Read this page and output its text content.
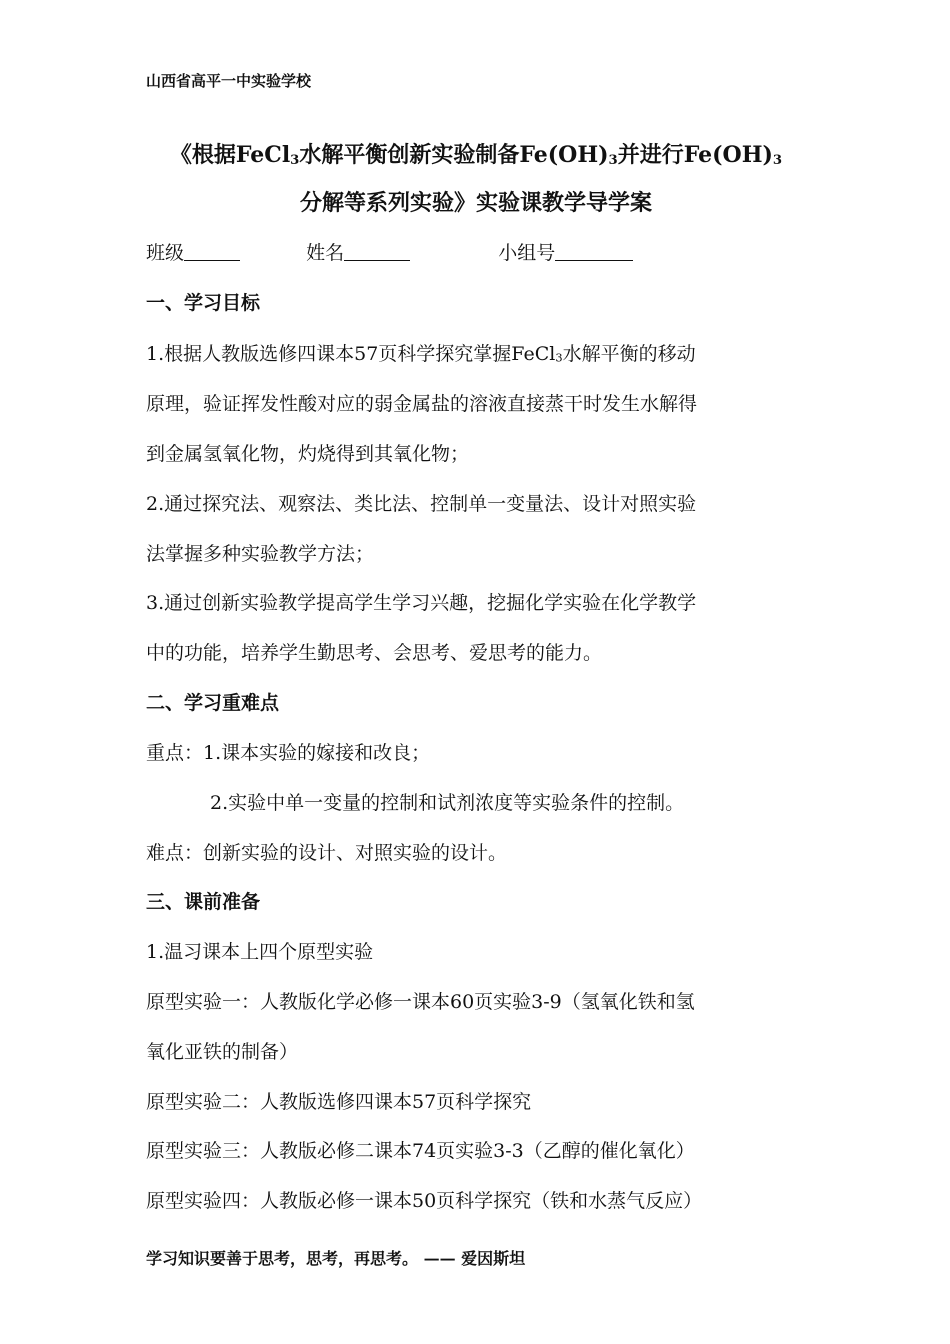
山西省高平一中实验学校
《根据FeCl$_3$水解平衡创新实验制备$Fe(OH)_3$并进行$Fe(OH)_3$
分解等系列实验》实验课教学导学案
班级	姓名	小组号
一、学习目标
1.根据人教版选修四课本57页科学探究掌握FeCl$_3$水解平衡的移动
原理，验证挥发性酸对应的弱金属盐的溶液直接蒸干时发生水解得
到金属氢氧化物，灼烧得到其氧化物；
2.通过探究法、观察法、类比法、控制单一变量法、设计对照实验
法掌握多种实验教学方法；
3.通过创新实验教学提高学生学习兴趣，挖掘化学实验在化学教学
中的功能，培养学生勤思考、会思考、爱思考的能力。
二、学习重难点
重点：1.课本实验的嫁接和改良；
2.实验中单一变量的控制和试剂浓度等实验条件的控制。
难点：创新实验的设计、对照实验的设计。
三、课前准备
1.温习课本上四个原型实验
原型实验一：人教版化学必修一课本60页实验3-9（氢氧化铁和氢
氧化亚铁的制备）
原型实验二：人教版选修四课本57页科学探究
原型实验三：人教版必修二课本74页实验3-3（乙醇的催化氧化）
原型实验四：人教版必修一课本50页科学探究（铁和水蒸气反应）
学习知识要善于思考，思考，再思考。 —— 爱因斯坦
